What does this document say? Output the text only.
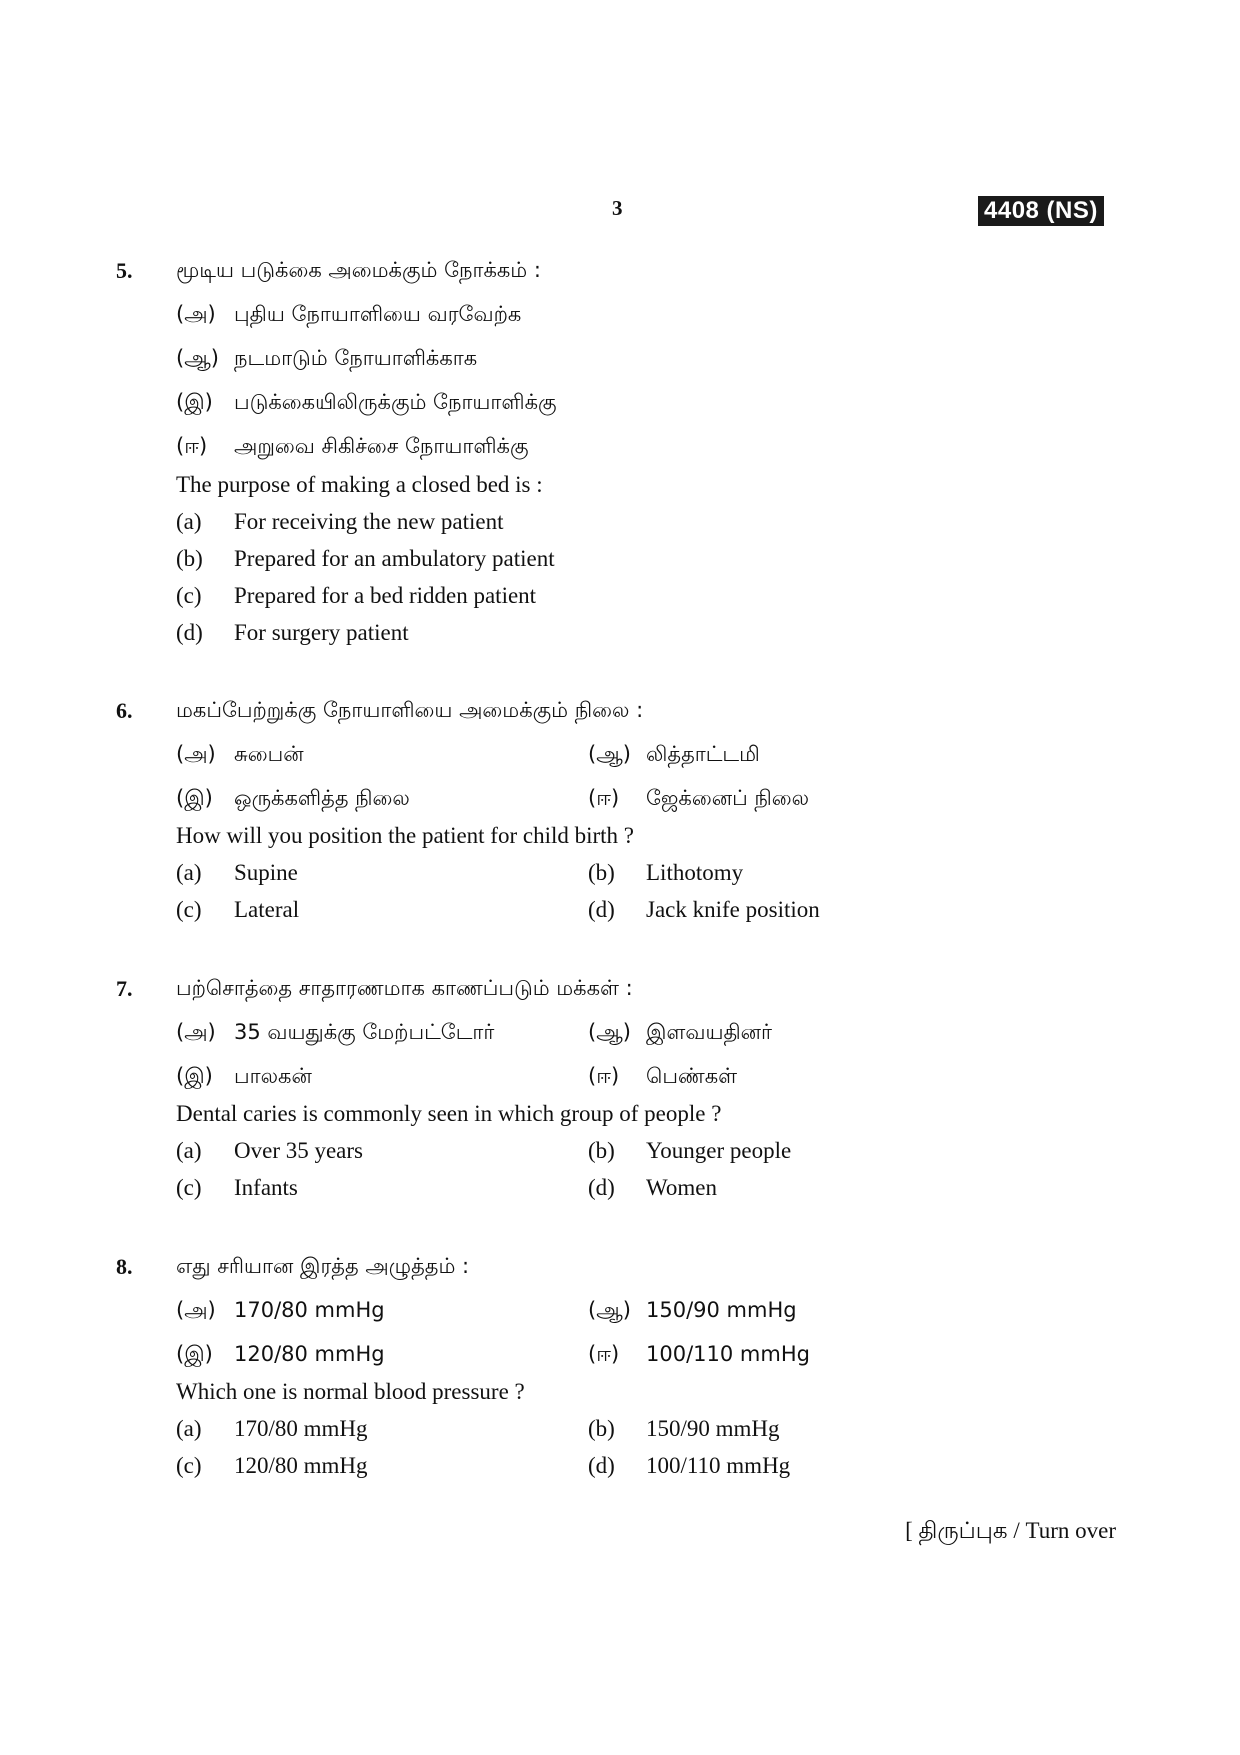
3	4408 (NS)
5. மூடிய படுக்கை அமைக்கும் நோக்கம் :
(அ) புதிய நோயாளியை வரவேற்க
(ஆ) நடமாடும் நோயாளிக்காக
(இ) படுக்கையிலிருக்கும் நோயாளிக்கு
(ஈ) அறுவை சிகிச்சை நோயாளிக்கு
The purpose of making a closed bed is :
(a) For receiving the new patient
(b) Prepared for an ambulatory patient
(c) Prepared for a bed ridden patient
(d) For surgery patient
6. மகப்பேற்றுக்கு நோயாளியை அமைக்கும் நிலை :
(அ) சுபைன்	(ஆ) லித்தாட்டமி
(இ) ஒருக்களித்த நிலை	(ஈ) ஜேக்னைப் நிலை
How will you position the patient for child birth ?
(a) Supine	(b) Lithotomy
(c) Lateral	(d) Jack knife position
7. பற்சொத்தை சாதாரணமாக காணப்படும் மக்கள் :
(அ) 35 வயதுக்கு மேற்பட்டோர்	(ஆ) இளவயதினர்
(இ) பாலகன்	(ஈ) பெண்கள்
Dental caries is commonly seen in which group of people ?
(a) Over 35 years	(b) Younger people
(c) Infants	(d) Women
8. எது சரியான இரத்த அழுத்தம் :
(அ) 170/80 mmHg	(ஆ) 150/90 mmHg
(இ) 120/80 mmHg	(ஈ) 100/110 mmHg
Which one is normal blood pressure ?
(a) 170/80 mmHg	(b) 150/90 mmHg
(c) 120/80 mmHg	(d) 100/110 mmHg
[ திருப்புக / Turn over
